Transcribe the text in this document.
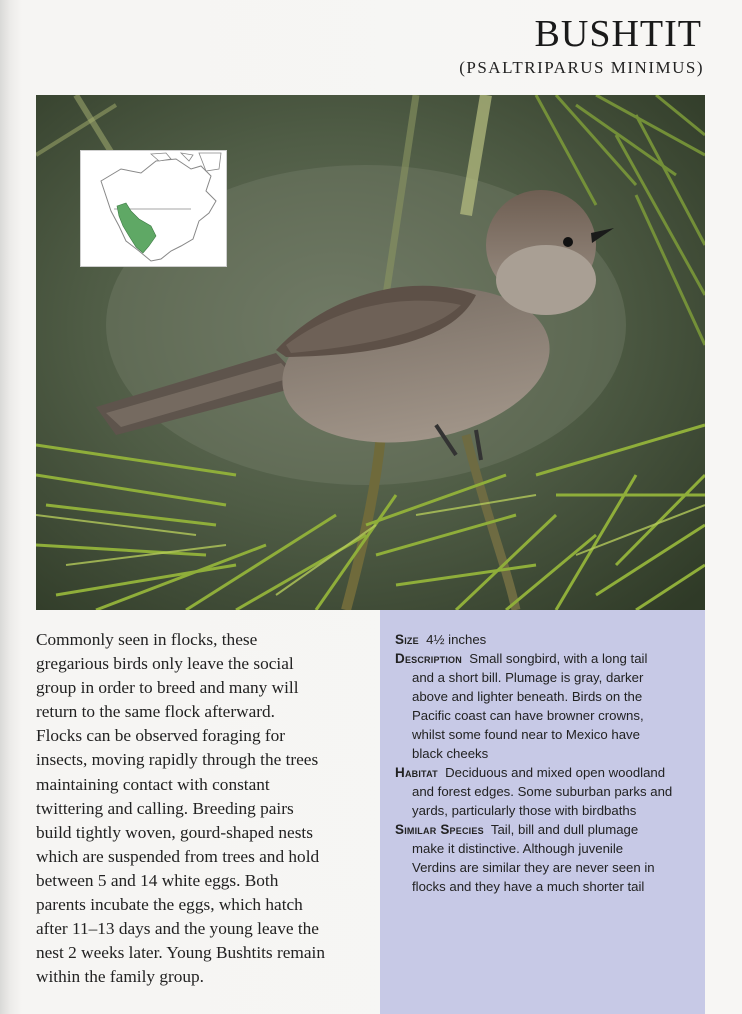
BUSHTIT
(PSALTRIPARUS MINIMUS)
Commonly seen in flocks, these
gregarious birds only leave the social
group in order to breed and many will
return to the same flock afterward.
Flocks can be observed foraging for
insects, moving rapidly through the trees
maintaining contact with constant
twittering and calling. Breeding pairs
build tightly woven, gourd-shaped nests
which are suspended from trees and hold
between 5 and 14 white eggs. Both
parents incubate the eggs, which hatch
after 11–13 days and the young leave the
nest 2 weeks later. Young Bushtits remain
within the family group.
Size 4½ inches
Description Small songbird, with a long tail
and a short bill. Plumage is gray, darker
above and lighter beneath. Birds on the
Pacific coast can have browner crowns,
whilst some found near to Mexico have
black cheeks
Habitat Deciduous and mixed open woodland
and forest edges. Some suburban parks and
yards, particularly those with birdbaths
Similar Species Tail, bill and dull plumage
make it distinctive. Although juvenile
Verdins are similar they are never seen in
flocks and they have a much shorter tail
